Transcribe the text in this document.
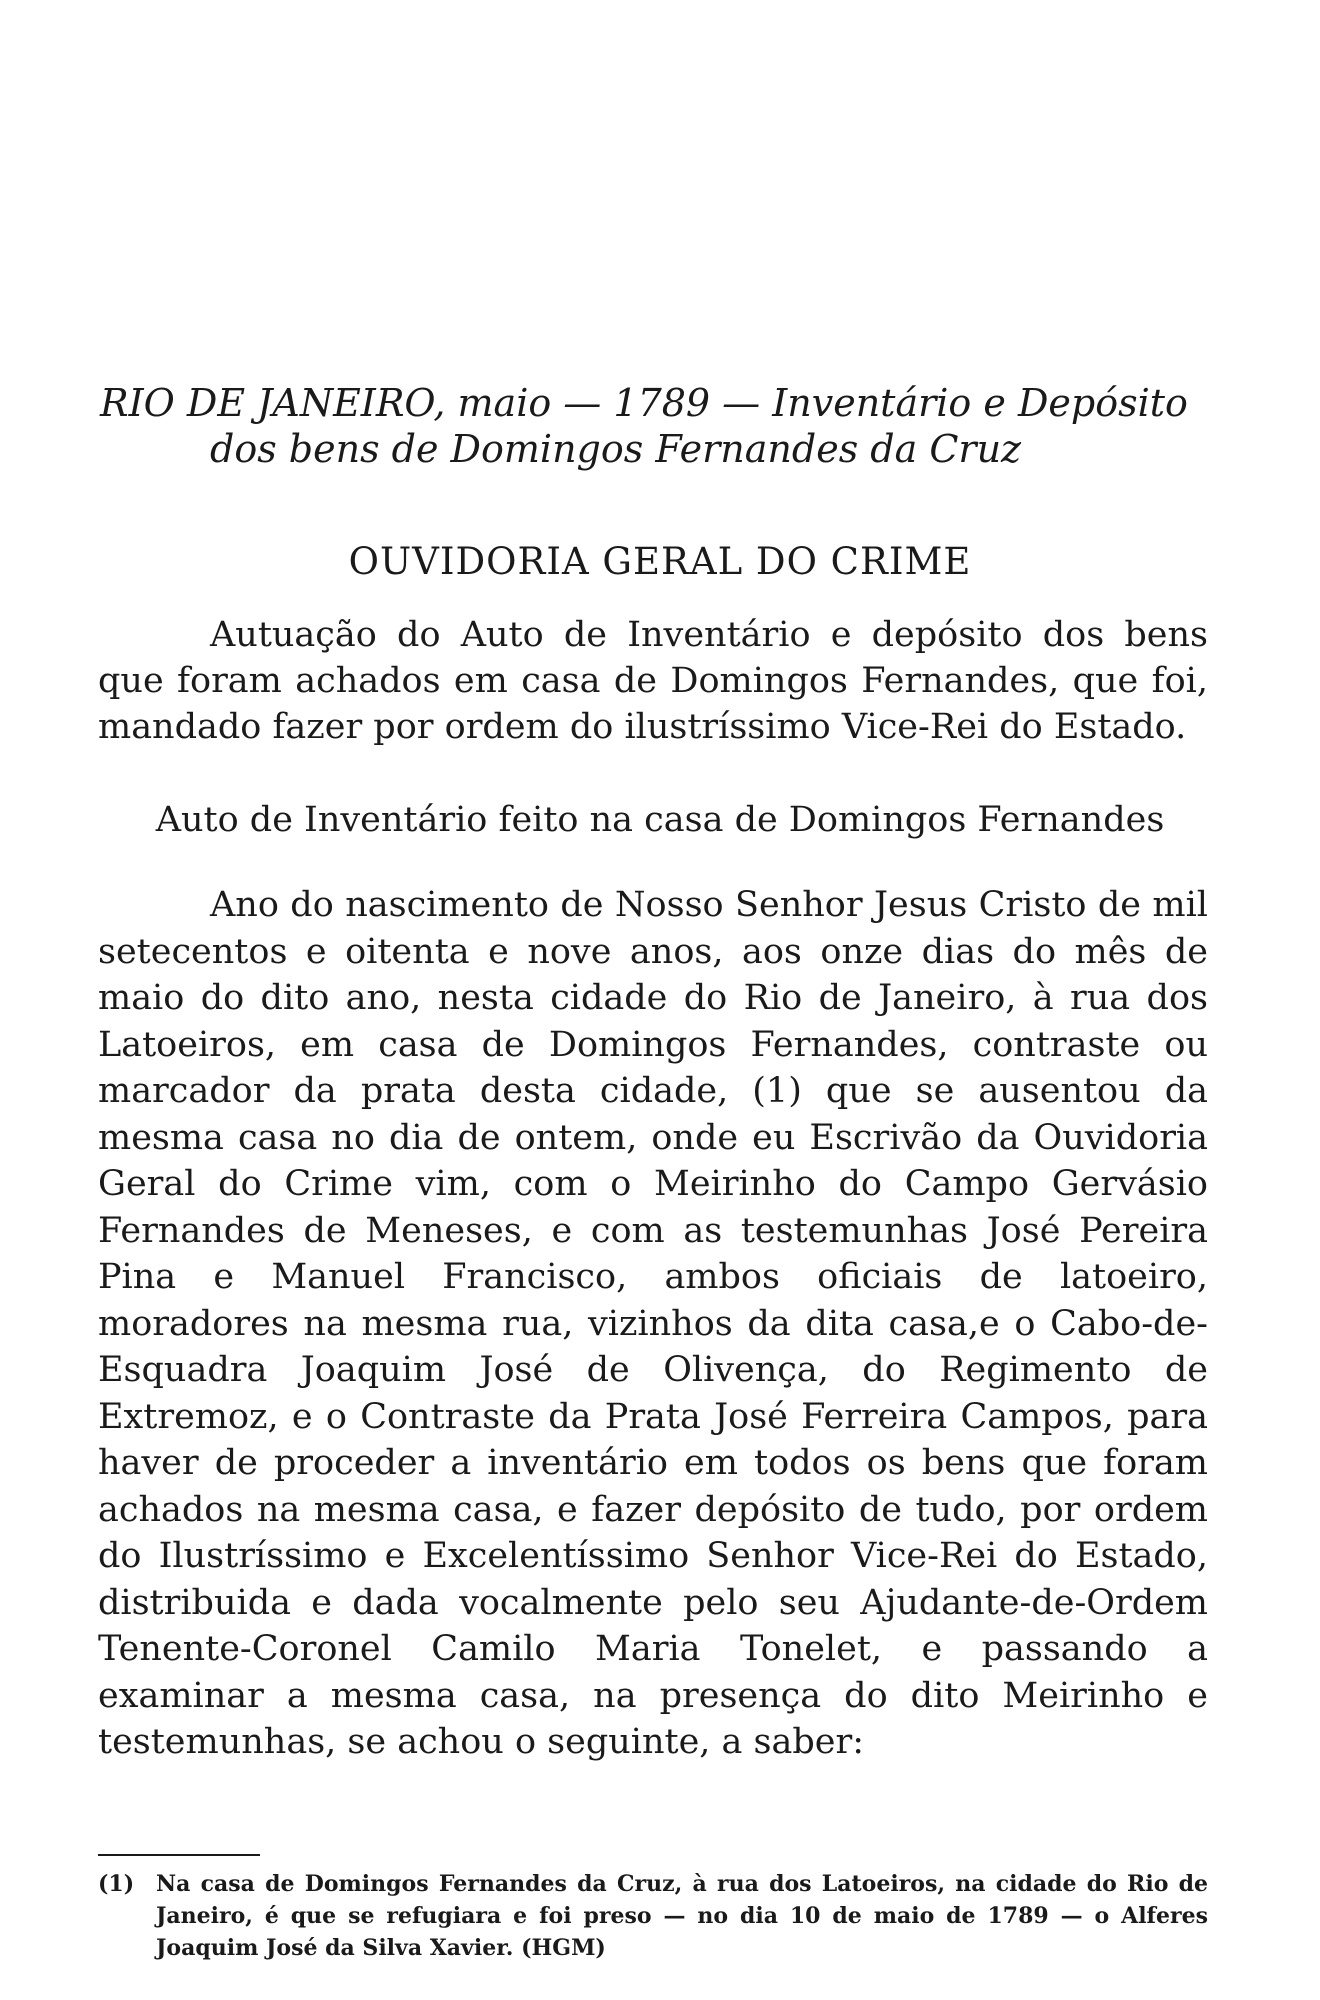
RIO DE JANEIRO, maio — 1789 — Inventário e Depósito
dos bens de Domingos Fernandes da Cruz
OUVIDORIA GERAL DO CRIME
Autuação do Auto de Inventário e depósito dos bens que foram achados em casa de Domingos Fernandes, que foi, mandado fazer por ordem do ilustríssimo Vice-Rei do Estado.
Auto de Inventário feito na casa de Domingos Fernandes
Ano do nascimento de Nosso Senhor Jesus Cristo de mil setecentos e oitenta e nove anos, aos onze dias do mês de maio do dito ano, nesta cidade do Rio de Janeiro, à rua dos Latoeiros, em casa de Domingos Fernandes, contraste ou marcador da prata desta cidade, (1) que se ausentou da mesma casa no dia de ontem, onde eu Escrivão da Ouvidoria Geral do Crime vim, com o Meirinho do Campo Gervásio Fernandes de Meneses, e com as testemunhas José Pereira Pina e Manuel Francisco, ambos oficiais de latoeiro, moradores na mesma rua, vizinhos da dita casa,e o Cabo-de-Esquadra Joaquim José de Olivença, do Regimento de Extremoz, e o Contraste da Prata José Ferreira Campos, para haver de proceder a inventário em todos os bens que foram achados na mesma casa, e fazer depósito de tudo, por ordem do Ilustríssimo e Excelentíssimo Senhor Vice-Rei do Estado, distribuida e dada vocalmente pelo seu Ajudante-de-Ordem Tenente-Coronel Camilo Maria Tonelet, e passando a examinar a mesma casa, na presença do dito Meirinho e testemunhas, se achou o seguinte, a saber:
(1) Na casa de Domingos Fernandes da Cruz, à rua dos Latoeiros, na cidade do Rio de Janeiro, é que se refugiara e foi preso — no dia 10 de maio de 1789 — o Alferes Joaquim José da Silva Xavier. (HGM)
